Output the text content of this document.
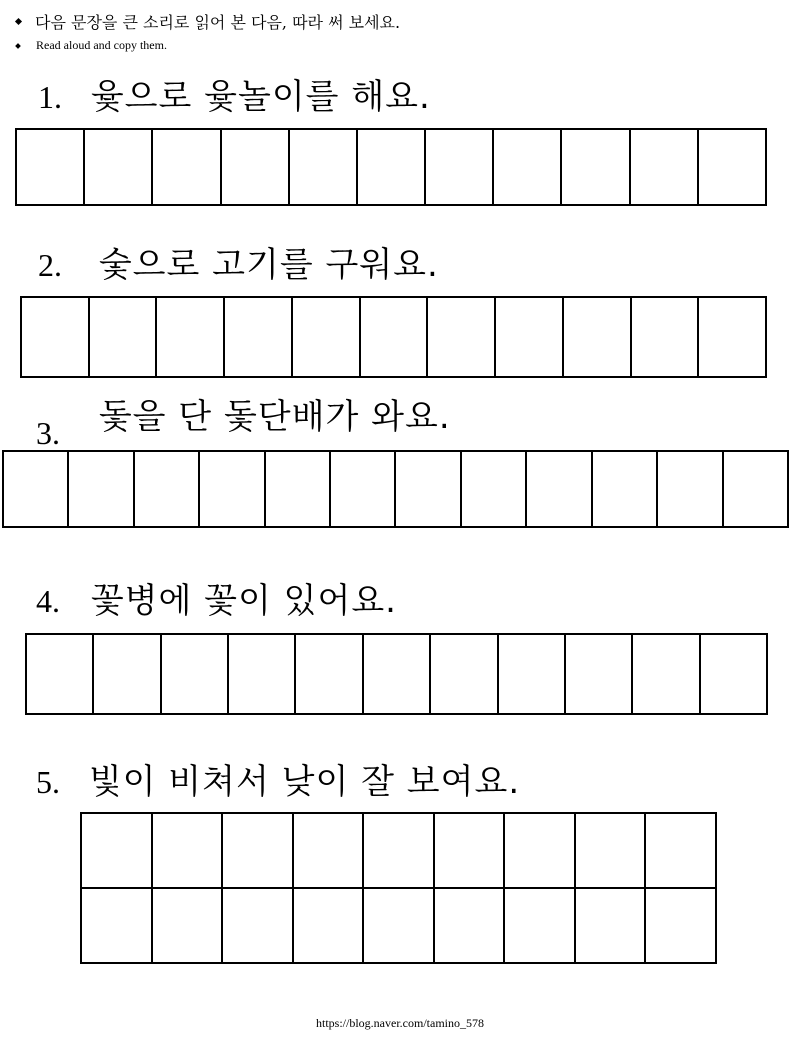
다음 문장을 큰 소리로 읽어 본 다음, 따라 써 보세요.
Read aloud and copy them.
1. 윷으로 윷놀이를 해요.
2. 숯으로 고기를 구워요.
3. 돛을 단 돛단배가 와요.
4. 꽃병에 꽃이 있어요.
5. 빛이 비쳐서 낮이 잘 보여요.
https://blog.naver.com/tamino_578
